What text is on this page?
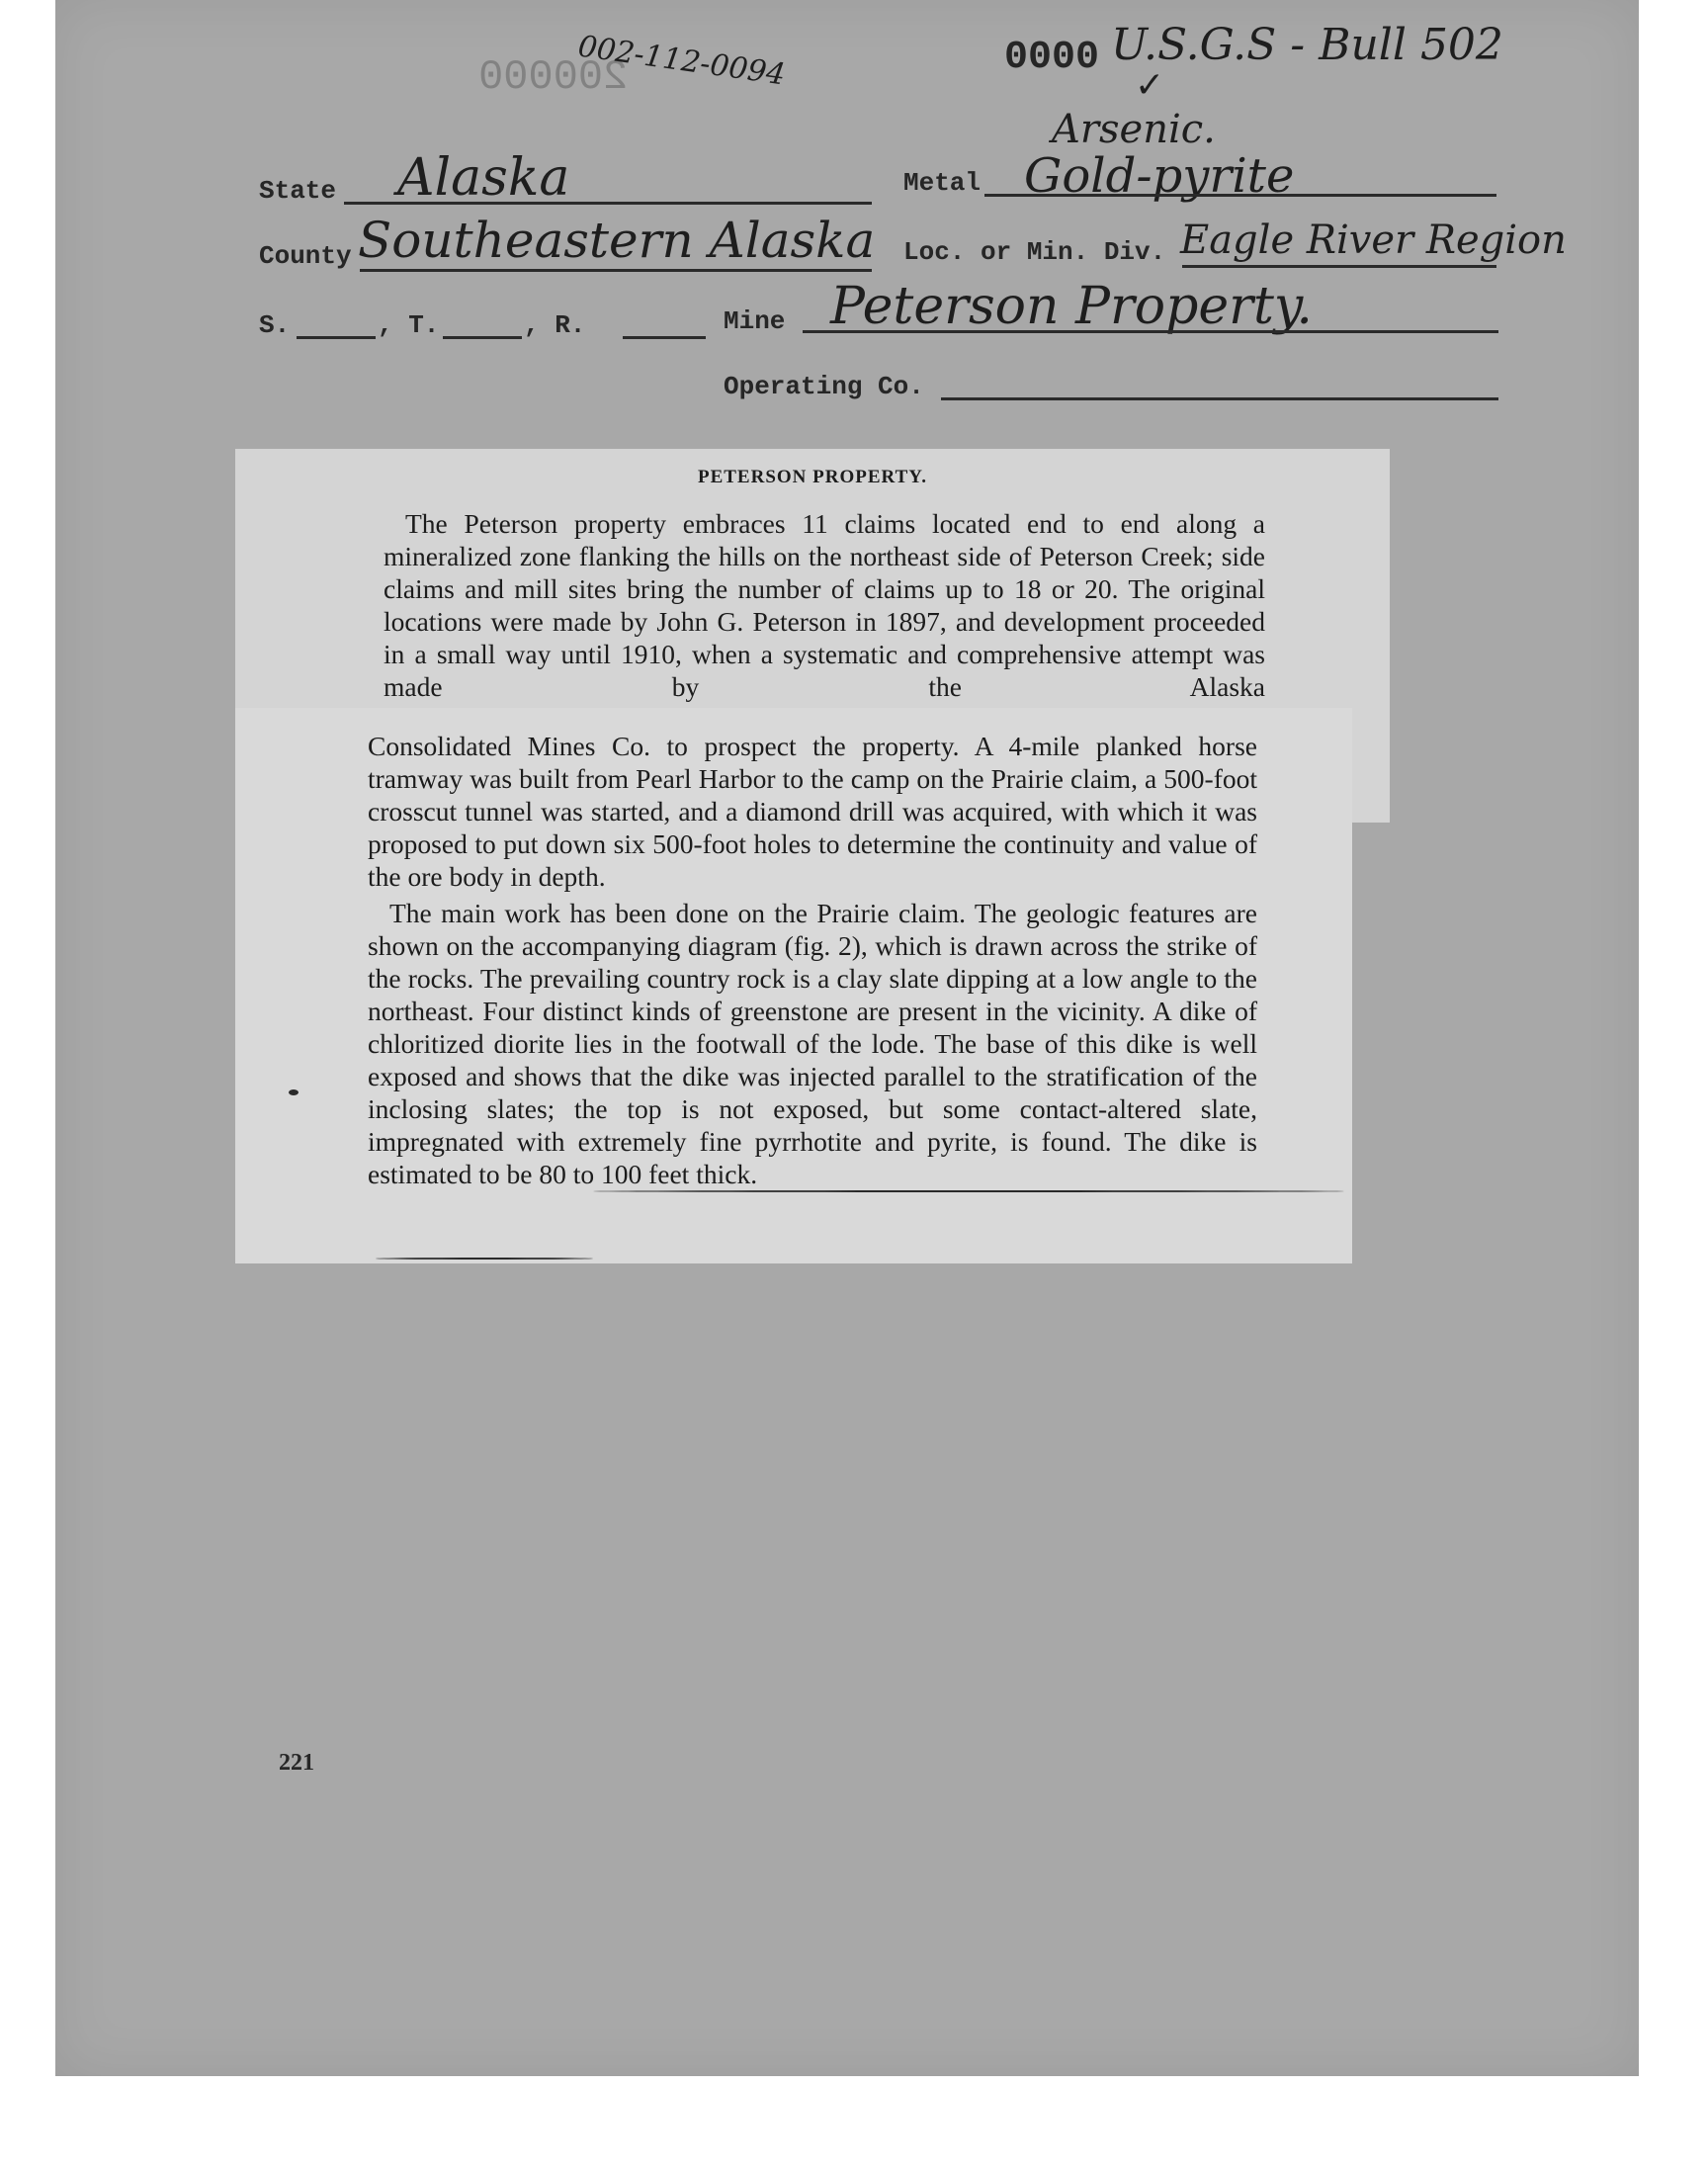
200000
002-112-0094	0000 U.S.G.S - Bull 502
✓
Arsenic.
State Alaska	Metal Gold-pyrite
County Southeastern Alaska Loc. or Min. Div. Eagle River Region
S.	, T.	, R.	Mine Peterson Property.
Operating Co.
PETERSON PROPERTY.

The Peterson property embraces 11 claims located end to end along a mineralized zone flanking the hills on the northeast side of Peterson Creek; side claims and mill sites bring the number of claims up to 18 or 20. The original locations were made by John G. Peterson in 1897, and development proceeded in a small way until 1910, when a systematic and comprehensive attempt was made by the Alaska

Consolidated Mines Co. to prospect the property. A 4-mile planked horse tramway was built from Pearl Harbor to the camp on the Prairie claim, a 500-foot crosscut tunnel was started, and a diamond drill was acquired, with which it was proposed to put down six 500-foot holes to determine the continuity and value of the ore body in depth.

The main work has been done on the Prairie claim. The geologic features are shown on the accompanying diagram (fig. 2), which is drawn across the strike of the rocks. The prevailing country rock is a clay slate dipping at a low angle to the northeast. Four distinct kinds of greenstone are present in the vicinity. A dike of chloritized diorite lies in the footwall of the lode. The base of this dike is well exposed and shows that the dike was injected parallel to the stratification of the inclosing slates; the top is not exposed, but some contact-altered slate, impregnated with extremely fine pyrrhotite and pyrite, is found. The dike is estimated to be 80 to 100 feet thick.

221
